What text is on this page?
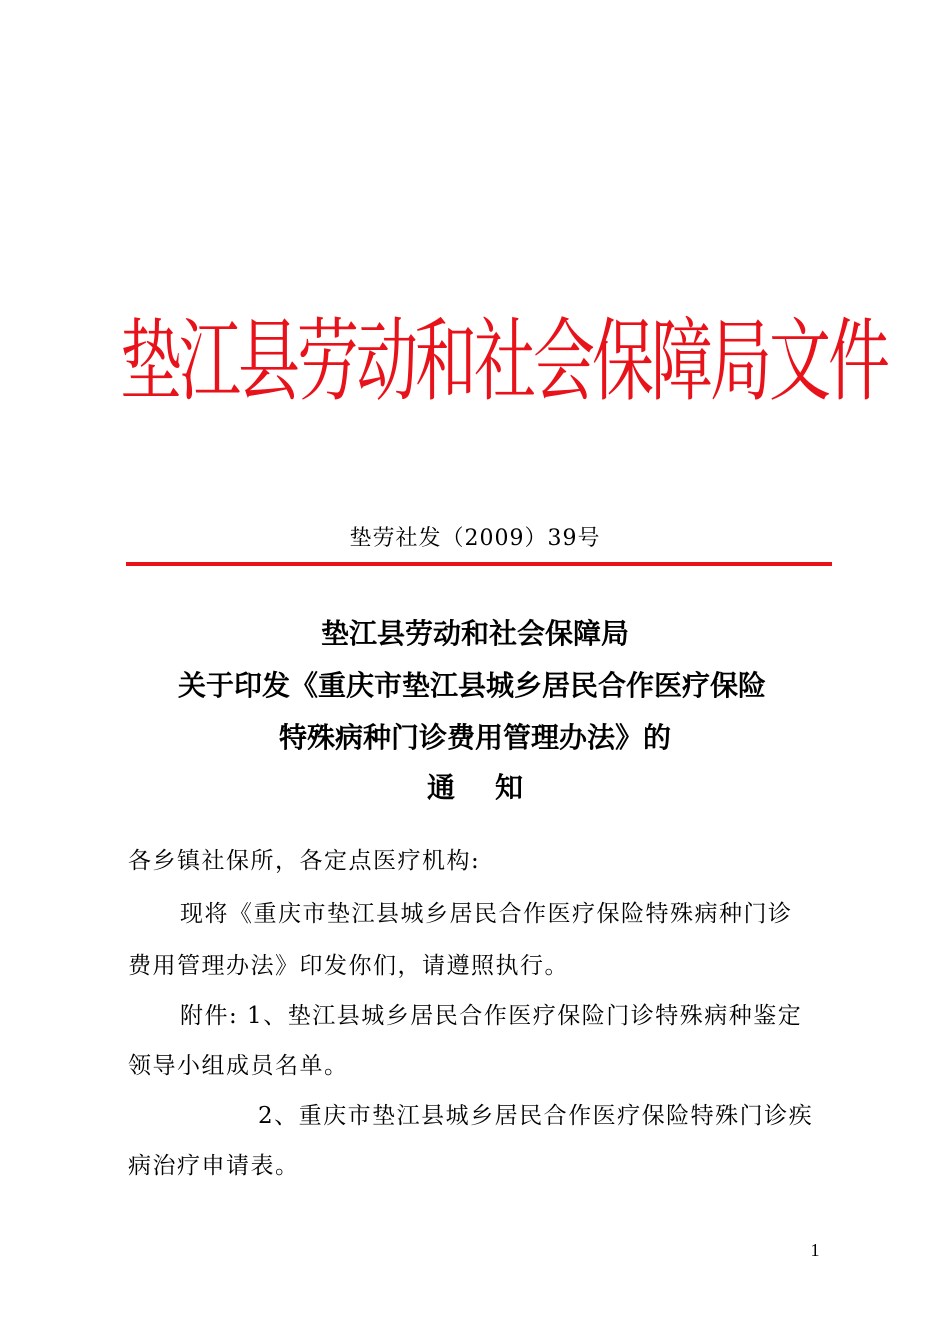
垫江县劳动和社会保障局文件
垫劳社发（2009）39号
垫江县劳动和社会保障局
关于印发《重庆市垫江县城乡居民合作医疗保险
特殊病种门诊费用管理办法》的
通知
各乡镇社保所，各定点医疗机构:
现将《重庆市垫江县城乡居民合作医疗保险特殊病种门诊
费用管理办法》印发你们，请遵照执行。
附件: 1、垫江县城乡居民合作医疗保险门诊特殊病种鉴定
领导小组成员名单。
2、重庆市垫江县城乡居民合作医疗保险特殊门诊疾
病治疗申请表。
1
